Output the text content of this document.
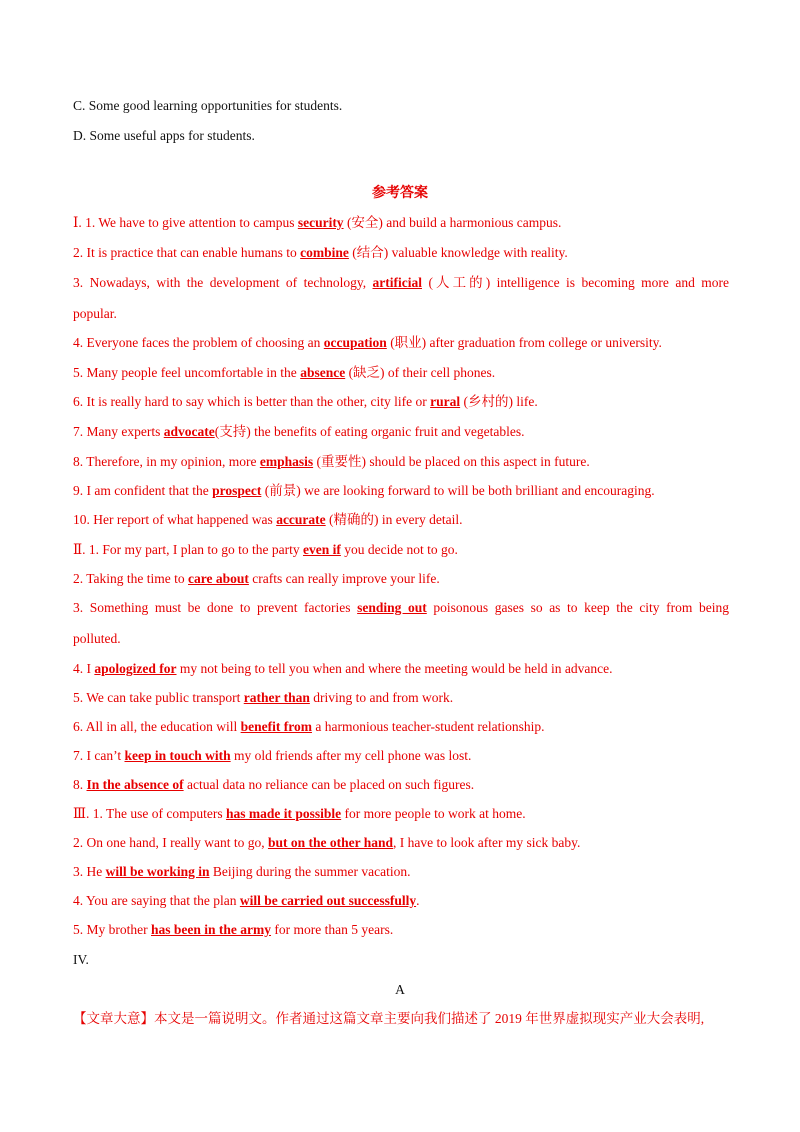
C. Some good learning opportunities for students.
D. Some useful apps for students.
参考答案
Ⅰ. 1. We have to give attention to campus security (安全) and build a harmonious campus.
2. It is practice that can enable humans to combine (结合) valuable knowledge with reality.
3. Nowadays, with the development of technology, artificial (人工的) intelligence is becoming more and more
popular.
4. Everyone faces the problem of choosing an occupation (职业) after graduation from college or university.
5. Many people feel uncomfortable in the absence (缺乏) of their cell phones.
6. It is really hard to say which is better than the other, city life or rural (乡村的) life.
7. Many experts advocate(支持) the benefits of eating organic fruit and vegetables.
8. Therefore, in my opinion, more emphasis (重要性) should be placed on this aspect in future.
9. I am confident that the prospect (前景) we are looking forward to will be both brilliant and encouraging.
10. Her report of what happened was accurate (精确的) in every detail.
Ⅱ. 1. For my part, I plan to go to the party even if you decide not to go.
2. Taking the time to care about crafts can really improve your life.
3. Something must be done to prevent factories sending out poisonous gases so as to keep the city from being
polluted.
4. I apologized for my not being to tell you when and where the meeting would be held in advance.
5. We can take public transport rather than driving to and from work.
6. All in all, the education will benefit from a harmonious teacher-student relationship.
7. I can’t keep in touch with my old friends after my cell phone was lost.
8. In the absence of actual data no reliance can be placed on such figures.
Ⅲ. 1. The use of computers has made it possible for more people to work at home.
2. On one hand, I really want to go, but on the other hand, I have to look after my sick baby.
3. He will be working in Beijing during the summer vacation.
4. You are saying that the plan will be carried out successfully.
5. My brother has been in the army for more than 5 years.
IV.
A
【文章大意】本文是一篇说明文。作者通过这篇文章主要向我们描述了 2019 年世界虚拟现实产业大会表明,
